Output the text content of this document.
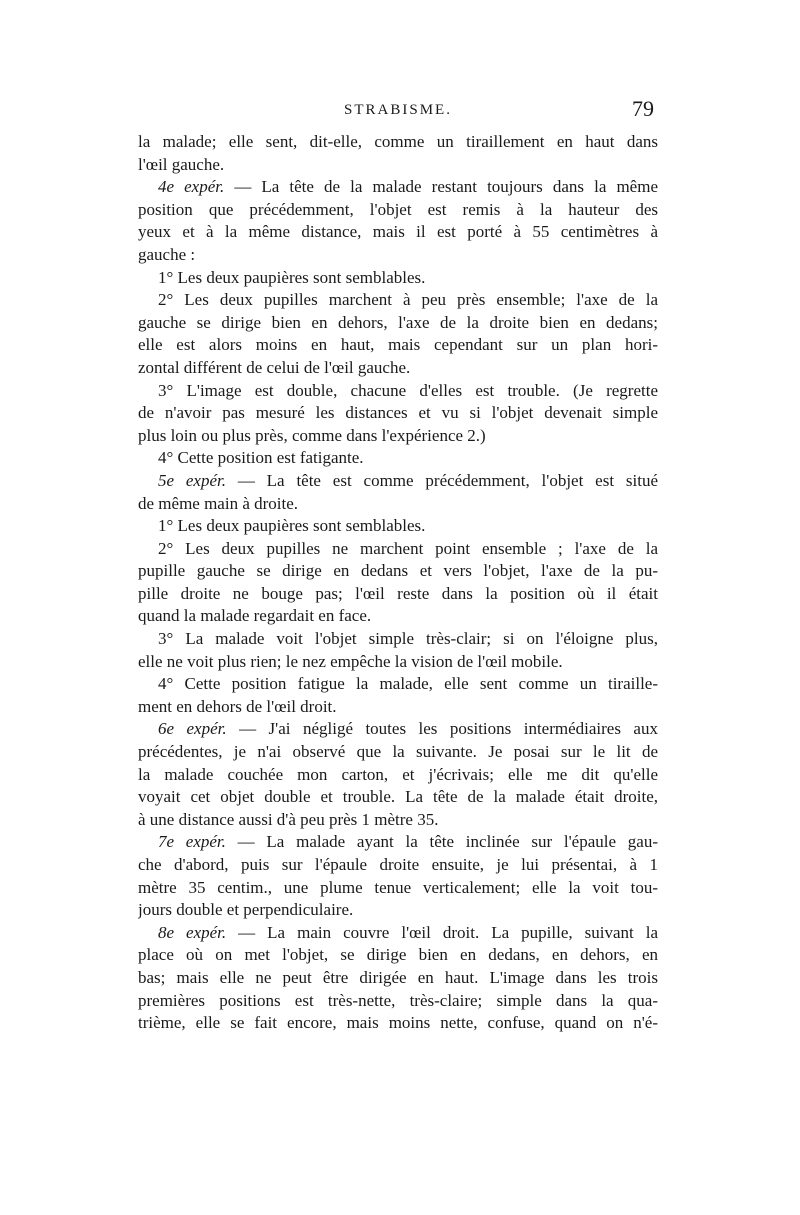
STRABISME.	79
la malade; elle sent, dit-elle, comme un tiraillement en haut dans
l'œil gauche.
4e expér. — La tête de la malade restant toujours dans la même
position que précédemment, l'objet est remis à la hauteur des
yeux et à la même distance, mais il est porté à 55 centimètres à
gauche :
1° Les deux paupières sont semblables.
2° Les deux pupilles marchent à peu près ensemble; l'axe de la
gauche se dirige bien en dehors, l'axe de la droite bien en dedans;
elle est alors moins en haut, mais cependant sur un plan hori-
zontal différent de celui de l'œil gauche.
3° L'image est double, chacune d'elles est trouble. (Je regrette
de n'avoir pas mesuré les distances et vu si l'objet devenait simple
plus loin ou plus près, comme dans l'expérience 2.)
4° Cette position est fatigante.
5e expér. — La tête est comme précédemment, l'objet est situé
de même main à droite.
1° Les deux paupières sont semblables.
2° Les deux pupilles ne marchent point ensemble ; l'axe de la
pupille gauche se dirige en dedans et vers l'objet, l'axe de la pu-
pille droite ne bouge pas; l'œil reste dans la position où il était
quand la malade regardait en face.
3° La malade voit l'objet simple très-clair; si on l'éloigne plus,
elle ne voit plus rien; le nez empêche la vision de l'œil mobile.
4° Cette position fatigue la malade, elle sent comme un tiraille-
ment en dehors de l'œil droit.
6e expér. — J'ai négligé toutes les positions intermédiaires aux
précédentes, je n'ai observé que la suivante. Je posai sur le lit de
la malade couchée mon carton, et j'écrivais; elle me dit qu'elle
voyait cet objet double et trouble. La tête de la malade était droite,
à une distance aussi d'à peu près 1 mètre 35.
7e expér. — La malade ayant la tête inclinée sur l'épaule gau-
che d'abord, puis sur l'épaule droite ensuite, je lui présentai, à 1
mètre 35 centim., une plume tenue verticalement; elle la voit tou-
jours double et perpendiculaire.
8e expér. — La main couvre l'œil droit. La pupille, suivant la
place où on met l'objet, se dirige bien en dedans, en dehors, en
bas; mais elle ne peut être dirigée en haut. L'image dans les trois
premières positions est très-nette, très-claire; simple dans la qua-
trième, elle se fait encore, mais moins nette, confuse, quand on n'é-
